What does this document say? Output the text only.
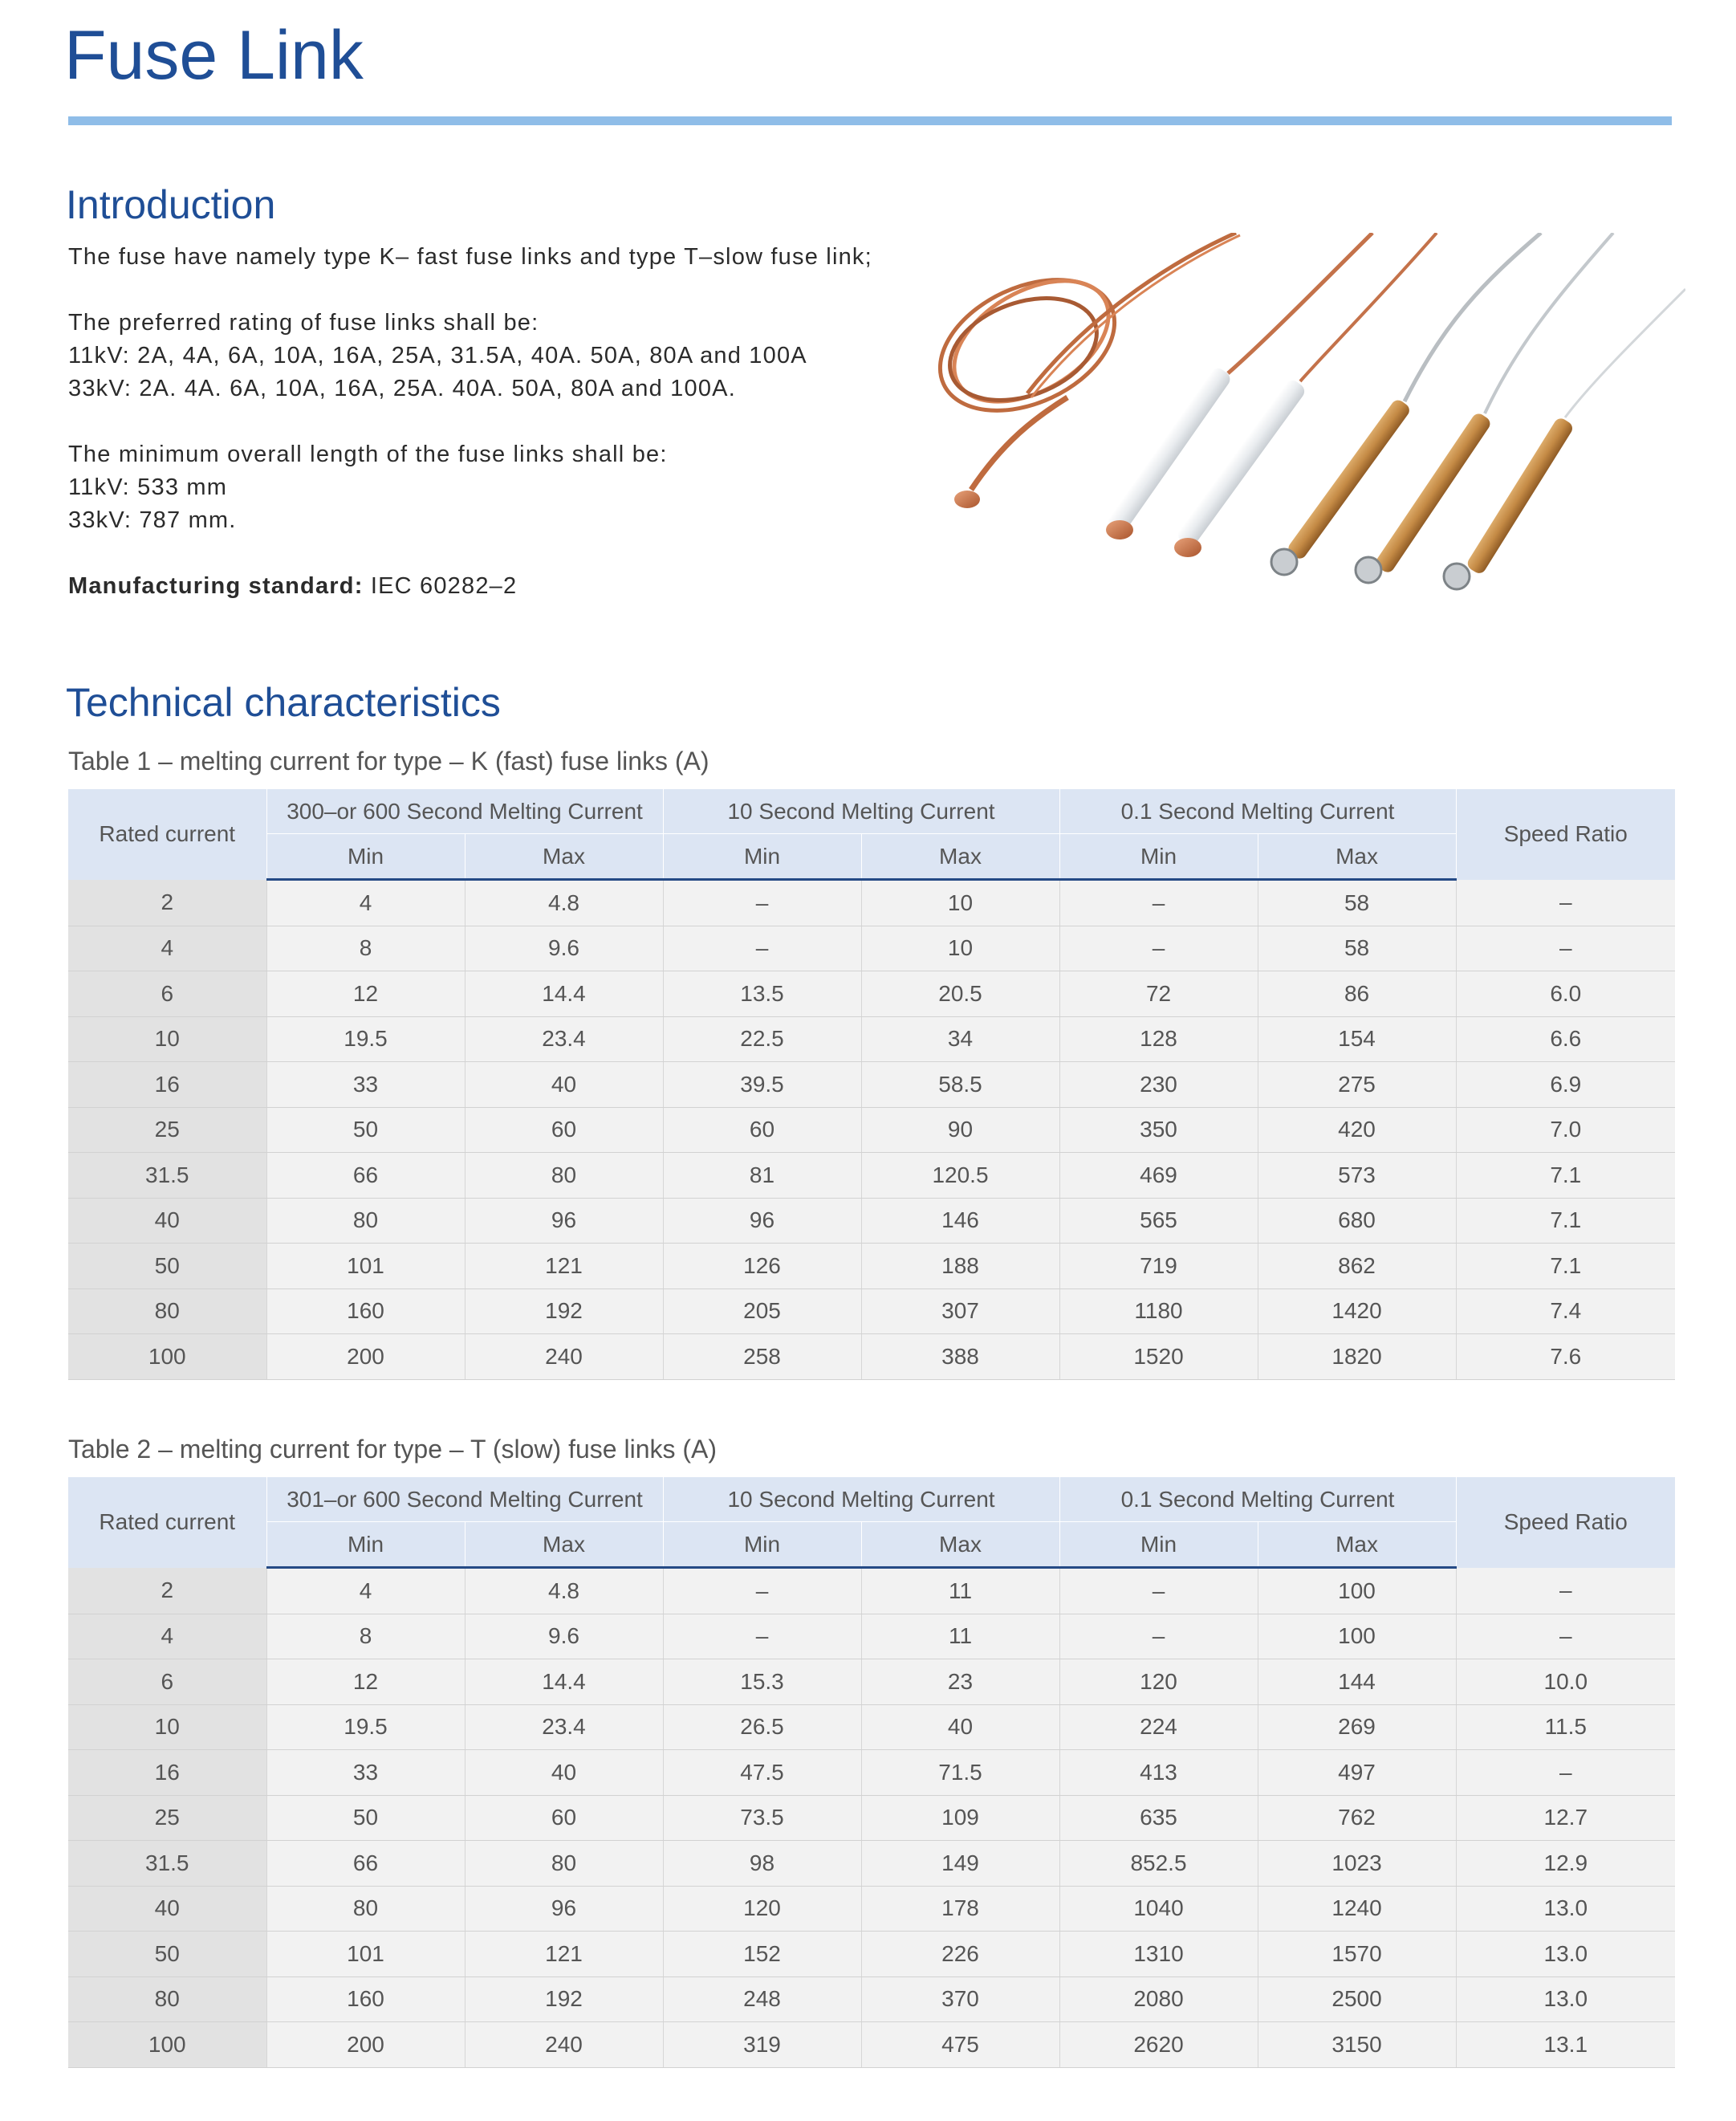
Fuse Link
Introduction

The fuse have namely type K– fast fuse links and type T–slow fuse link;

The preferred rating of fuse links shall be:

11kV: 2A, 4A, 6A, 10A, 16A, 25A, 31.5A, 40A. 50A, 80A and 100A

33kV: 2A. 4A. 6A, 10A, 16A, 25A. 40A. 50A, 80A and 100A.

The minimum overall length of the fuse links shall be:

11kV: 533 mm

33kV: 787 mm.

Manufacturing standard: IEC 60282–2

Technical characteristics
Table 1 – melting current for type – K (fast) fuse links (A)
Rated current	300–or 600 Second Melting Current		10 Second Melting Current		0.1 Second Melting Current		Speed Ratio
	Min	Max	Min	Max	Min	Max	
2	4	4.8	–	10	–	58	–
4	8	9.6	–	10	–	58	–
6	12	14.4	13.5	20.5	72	86	6.0
10	19.5	23.4	22.5	34	128	154	6.6
16	33	40	39.5	58.5	230	275	6.9
25	50	60	60	90	350	420	7.0
31.5	66	80	81	120.5	469	573	7.1
40	80	96	96	146	565	680	7.1
50	101	121	126	188	719	862	7.1
80	160	192	205	307	1180	1420	7.4
100	200	240	258	388	1520	1820	7.6
Table 2 – melting current for type – T (slow) fuse links (A)
Rated current	301–or 600 Second Melting Current		10 Second Melting Current		0.1 Second Melting Current		Speed Ratio
	Min	Max	Min	Max	Min	Max	
2	4	4.8	–	11	–	100	–
4	8	9.6	–	11	–	100	–
6	12	14.4	15.3	23	120	144	10.0
10	19.5	23.4	26.5	40	224	269	11.5
16	33	40	47.5	71.5	413	497	–
25	50	60	73.5	109	635	762	12.7
31.5	66	80	98	149	852.5	1023	12.9
40	80	96	120	178	1040	1240	13.0
50	101	121	152	226	1310	1570	13.0
80	160	192	248	370	2080	2500	13.0
100	200	240	319	475	2620	3150	13.1
